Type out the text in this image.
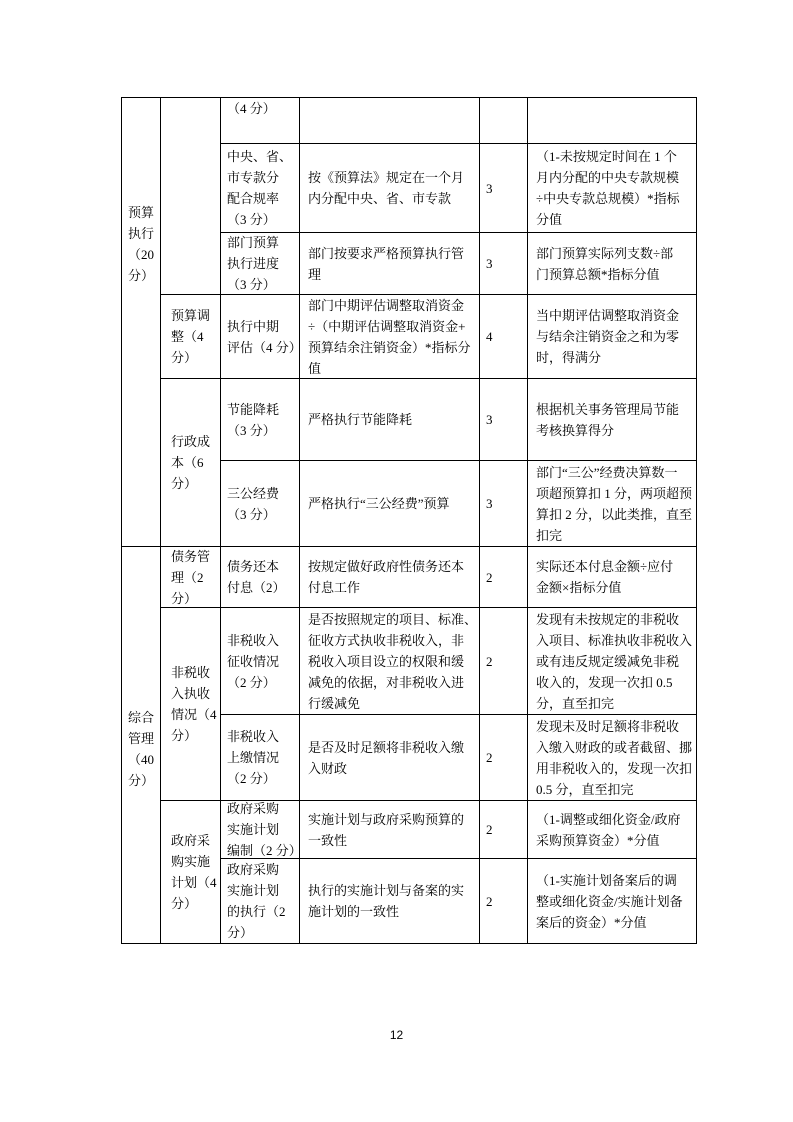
预算
执行
（20
分）
综合
管理
（40
分）
预算调
整（4
分）
行政成
本（6
分）
债务管
理（2
分）
非税收
入执收
情况（4
分）
政府采
购实施
计划（4
分）
（4 分）
中央、省、
市专款分
配合规率
（3 分）
按《预算法》规定在一个月
内分配中央、省、市专款
3
（1-未按规定时间在 1 个
月内分配的中央专款规模
÷中央专款总规模）*指标
分值
部门预算
执行进度
（3 分）
部门按要求严格预算执行管
理
3
部门预算实际列支数÷部
门预算总额*指标分值
执行中期
评估（4 分）
部门中期评估调整取消资金
÷（中期评估调整取消资金+
预算结余注销资金）*指标分
值
4
当中期评估调整取消资金
与结余注销资金之和为零
时，得满分
节能降耗
（3 分）
严格执行节能降耗	3
根据机关事务管理局节能
考核换算得分
三公经费
（3 分）
严格执行“三公经费”预算	3
部门“三公”经费决算数一
项超预算扣 1 分，两项超预
算扣 2 分，以此类推，直至
扣完
债务还本
付息（2）
按规定做好政府性债务还本
付息工作
2
实际还本付息金额÷应付
金额×指标分值
非税收入
征收情况
（2 分）
是否按照规定的项目、标准、
征收方式执收非税收入，非
税收入项目设立的权限和缓
减免的依据，对非税收入进
行缓减免
2
发现有未按规定的非税收
入项目、标准执收非税收入
或有违反规定缓减免非税
收入的，发现一次扣 0.5
分，直至扣完
非税收入
上缴情况
（2 分）
是否及时足额将非税收入缴
入财政
2
发现未及时足额将非税收
入缴入财政的或者截留、挪
用非税收入的，发现一次扣
0.5 分，直至扣完
政府采购
实施计划
编制（2 分）
实施计划与政府采购预算的
一致性
2
（1-调整或细化资金/政府
采购预算资金）*分值
政府采购
实施计划
的执行（2
分）
执行的实施计划与备案的实
施计划的一致性
2
（1-实施计划备案后的调
整或细化资金/实施计划备
案后的资金）*分值
12
